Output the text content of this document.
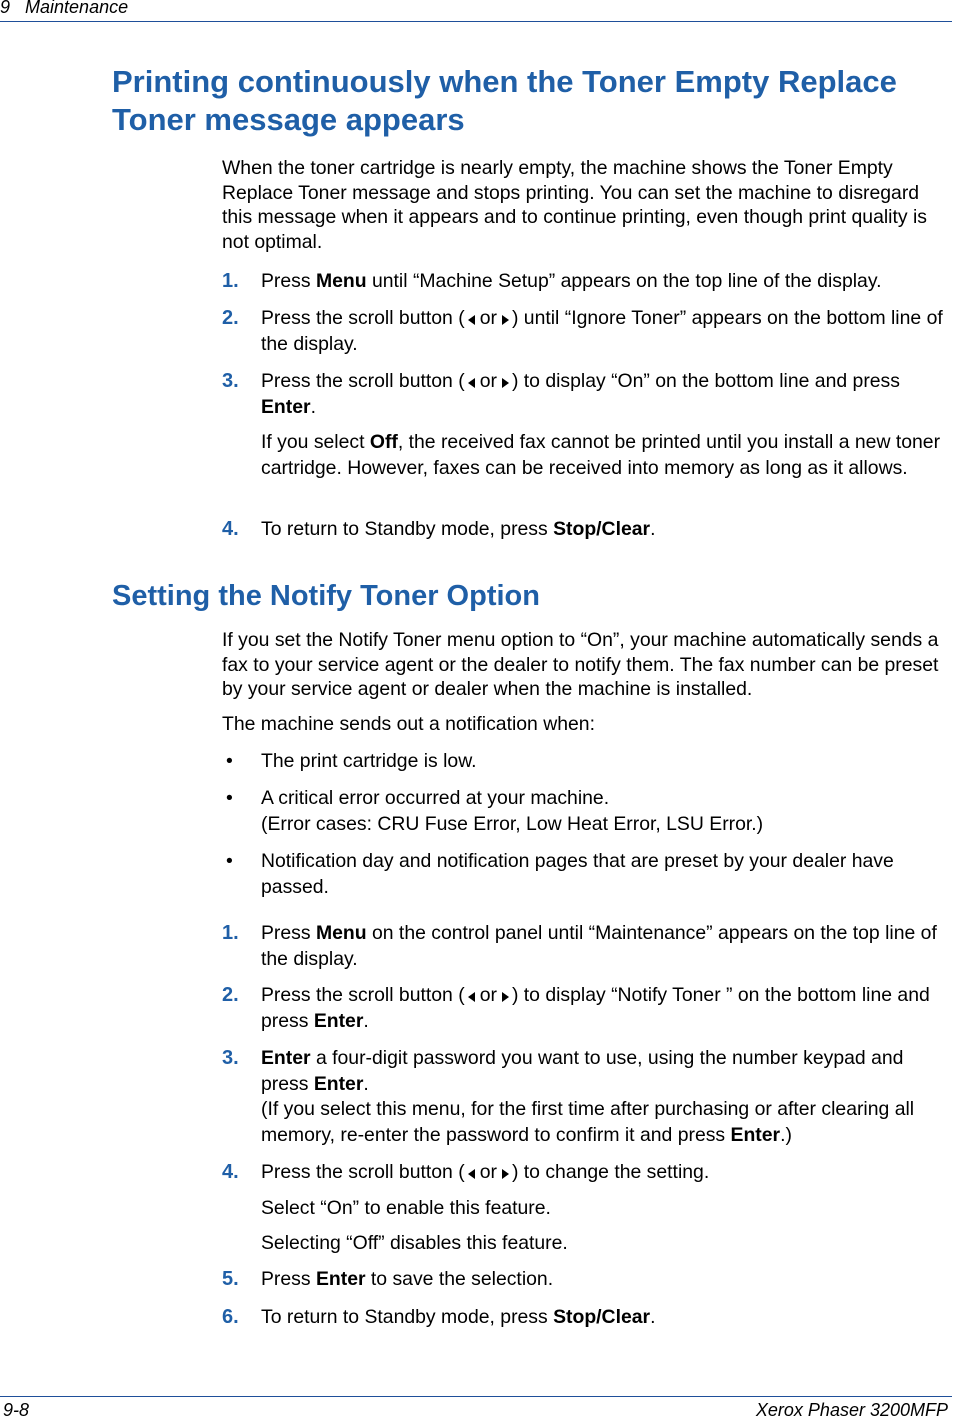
9 Maintenance
Printing continuously when the Toner Empty Replace
Toner message appears

When the toner cartridge is nearly empty, the machine shows the Toner Empty Replace Toner message and stops printing. You can set the machine to disregard this message when it appears and to continue printing, even though print quality is not optimal.

1. Press Menu until “Machine Setup” appears on the top line of the display.
2. Press the scroll button ( or ) until “Ignore Toner” appears on the bottom line of the display.
3. Press the scroll button ( or ) to display “On” on the bottom line and press Enter.

If you select Off, the received fax cannot be printed until you install a new toner cartridge. However, faxes can be received into memory as long as it allows.

4. To return to Standby mode, press Stop/Clear.
Setting the Notify Toner Option

If you set the Notify Toner menu option to “On”, your machine automatically sends a fax to your service agent or the dealer to notify them. The fax number can be preset by your service agent or dealer when the machine is installed.

The machine sends out a notification when:

• The print cartridge is low.
• A critical error occurred at your machine.
(Error cases: CRU Fuse Error, Low Heat Error, LSU Error.)
• Notification day and notification pages that are preset by your dealer have passed.
1. Press Menu on the control panel until “Maintenance” appears on the top line of the display.
2. Press the scroll button ( or ) to display “Notify Toner ” on the bottom line and press Enter.
3. Enter a four-digit password you want to use, using the number keypad and press Enter.
(If you select this menu, for the first time after purchasing or after clearing all memory, re-enter the password to confirm it and press Enter.)
4. Press the scroll button ( or ) to change the setting.

Select “On” to enable this feature.

Selecting “Off” disables this feature.

5. Press Enter to save the selection.
6. To return to Standby mode, press Stop/Clear.
9-8	Xerox Phaser 3200MFP
